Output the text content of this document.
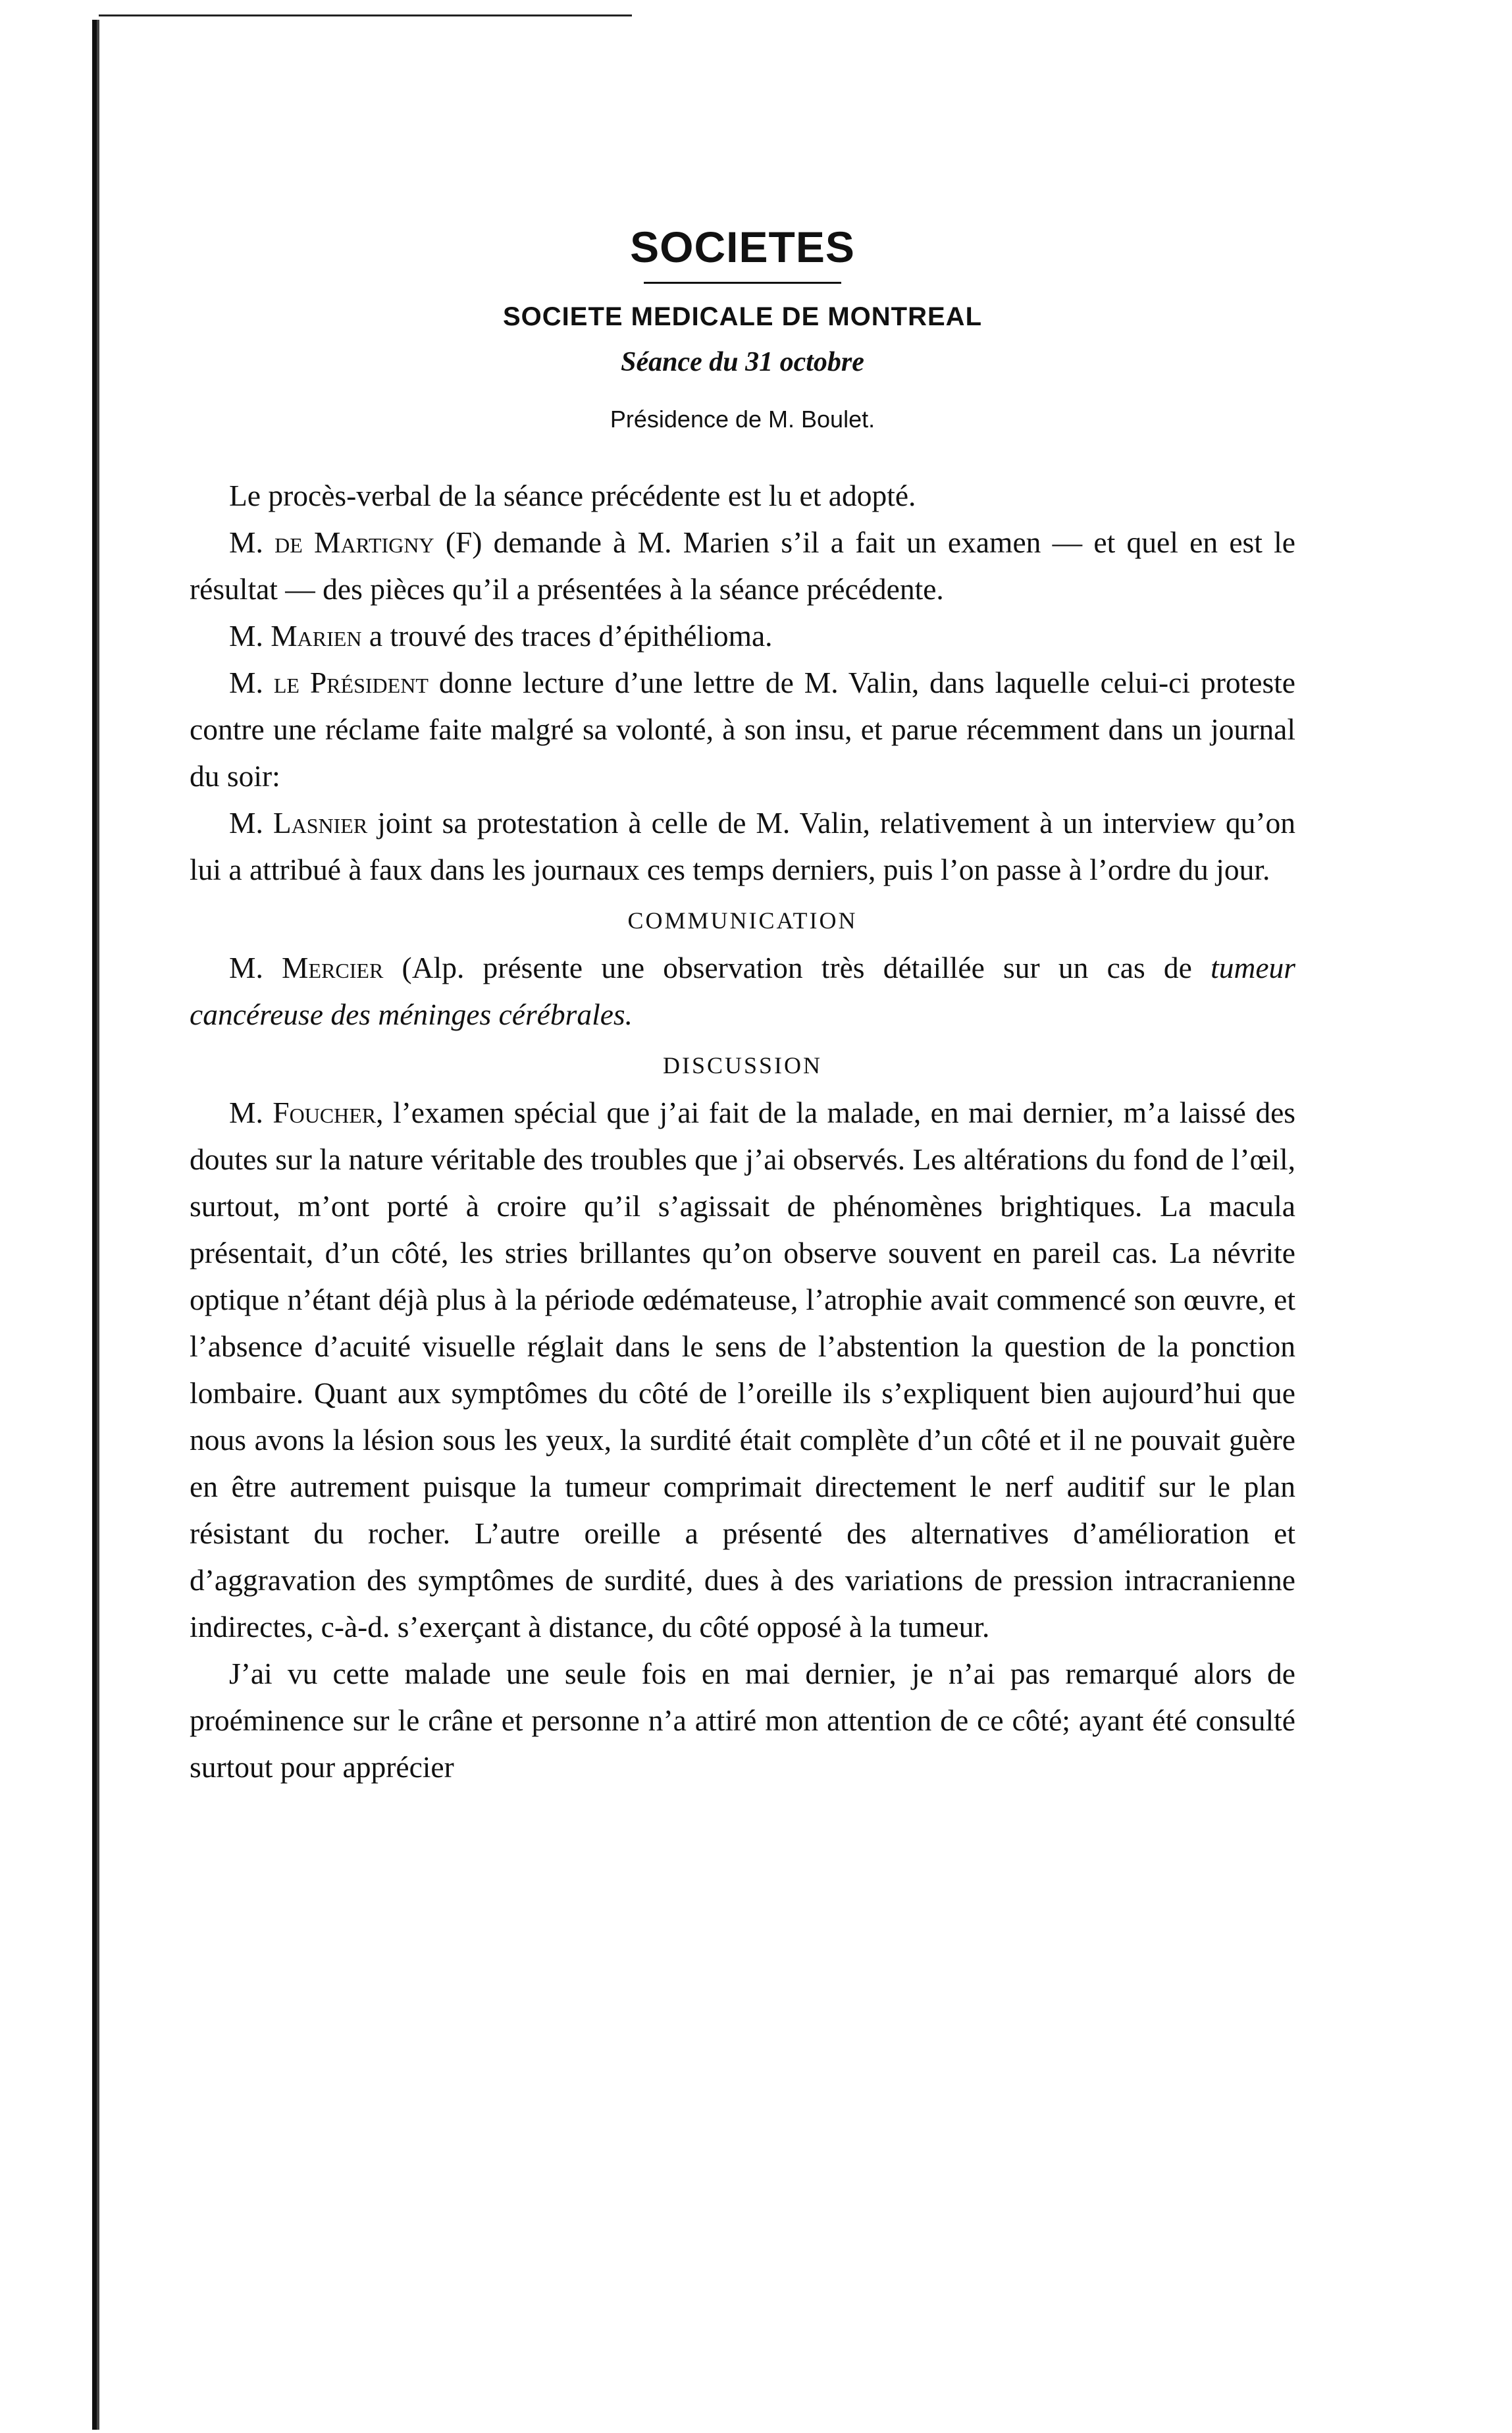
SOCIETES
SOCIETE MEDICALE DE MONTREAL
Séance du 31 octobre
Présidence de M. Boulet.

Le procès-verbal de la séance précédente est lu et adopté.

M. de Martigny (F) demande à M. Marien s’il a fait un examen — et quel en est le résultat — des pièces qu’il a présentées à la séance précédente.

M. Marien a trouvé des traces d’épithélioma.

M. le Président donne lecture d’une lettre de M. Valin, dans laquelle celui-ci proteste contre une réclame faite malgré sa volonté, à son insu, et parue récemment dans un journal du soir:

M. Lasnier joint sa protestation à celle de M. Valin, relativement à un interview qu’on lui a attribué à faux dans les journaux ces temps derniers, puis l’on passe à l’ordre du jour.

COMMUNICATION

M. Mercier (Alp. présente une observation très détaillée sur un cas de tumeur cancéreuse des méninges cérébrales.

DISCUSSION

M. Foucher, l’examen spécial que j’ai fait de la malade, en mai dernier, m’a laissé des doutes sur la nature véritable des troubles que j’ai observés. Les altérations du fond de l’œil, surtout, m’ont porté à croire qu’il s’agissait de phénomènes brightiques. La macula présentait, d’un côté, les stries brillantes qu’on observe souvent en pareil cas. La névrite optique n’étant déjà plus à la période œdémateuse, l’atrophie avait commencé son œuvre, et l’absence d’acuité visuelle réglait dans le sens de l’abstention la question de la ponction lombaire. Quant aux symptômes du côté de l’oreille ils s’expliquent bien aujourd’hui que nous avons la lésion sous les yeux, la surdité était complète d’un côté et il ne pouvait guère en être autrement puisque la tumeur comprimait directement le nerf auditif sur le plan résistant du rocher. L’autre oreille a présenté des alternatives d’amélioration et d’aggravation des symptômes de surdité, dues à des variations de pression intracranienne indirectes, c-à-d. s’exerçant à distance, du côté opposé à la tumeur.

J’ai vu cette malade une seule fois en mai dernier, je n’ai pas remarqué alors de proéminence sur le crâne et personne n’a attiré mon attention de ce côté; ayant été consulté surtout pour apprécier
